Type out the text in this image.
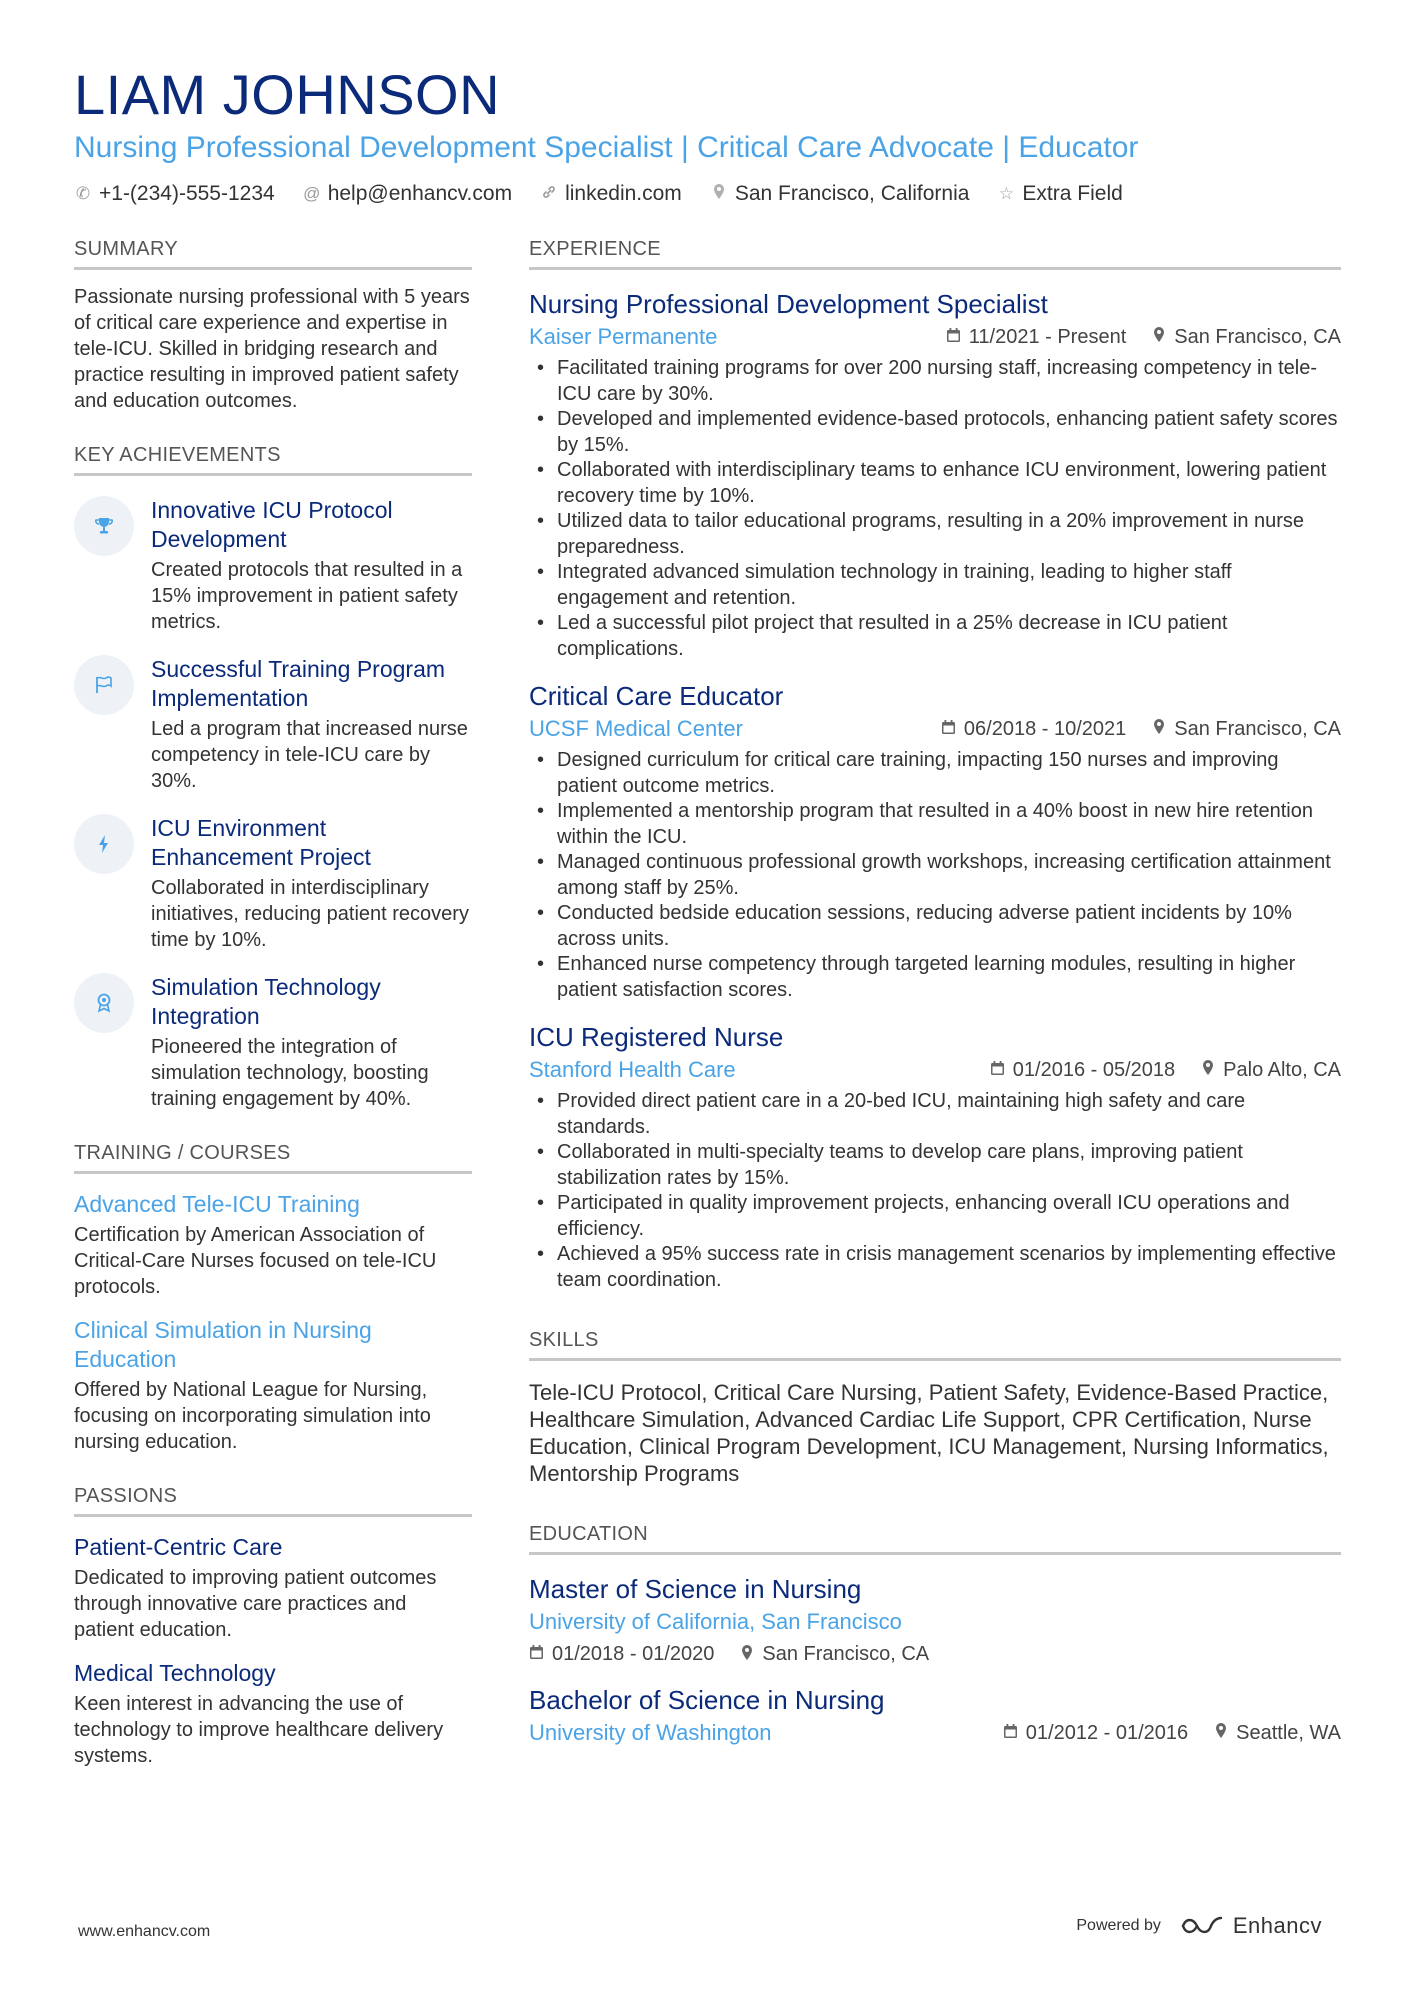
LIAM JOHNSON
Nursing Professional Development Specialist | Critical Care Advocate | Educator
✆ +1-(234)-555-1234 @ help@enhancv.com	linkedin.com	San Francisco, California ☆ Extra Field
SUMMARY
Passionate nursing professional with 5 years of critical care experience and expertise in tele-ICU. Skilled in bridging research and practice resulting in improved patient safety and education outcomes.
KEY ACHIEVEMENTS
Innovative ICU Protocol Development
Created protocols that resulted in a 15% improvement in patient safety metrics.
Successful Training Program Implementation
Led a program that increased nurse competency in tele-ICU care by 30%.
ICU Environment Enhancement Project
Collaborated in interdisciplinary initiatives, reducing patient recovery time by 10%.
Simulation Technology Integration
Pioneered the integration of simulation technology, boosting training engagement by 40%.
TRAINING / COURSES
Advanced Tele-ICU Training
Certification by American Association of Critical-Care Nurses focused on tele-ICU protocols.
Clinical Simulation in Nursing Education
Offered by National League for Nursing, focusing on incorporating simulation into nursing education.
PASSIONS
Patient-Centric Care
Dedicated to improving patient outcomes through innovative care practices and patient education.
Medical Technology
Keen interest in advancing the use of technology to improve healthcare delivery systems.
EXPERIENCE
Nursing Professional Development Specialist
Kaiser Permanente	11/2021 - Present San Francisco, CA
• Facilitated training programs for over 200 nursing staff, increasing competency in tele-ICU care by 30%.
• Developed and implemented evidence-based protocols, enhancing patient safety scores by 15%.
• Collaborated with interdisciplinary teams to enhance ICU environment, lowering patient recovery time by 10%.
• Utilized data to tailor educational programs, resulting in a 20% improvement in nurse preparedness.
• Integrated advanced simulation technology in training, leading to higher staff engagement and retention.
• Led a successful pilot project that resulted in a 25% decrease in ICU patient complications.
Critical Care Educator
UCSF Medical Center	06/2018 - 10/2021 San Francisco, CA
• Designed curriculum for critical care training, impacting 150 nurses and improving patient outcome metrics.
• Implemented a mentorship program that resulted in a 40% boost in new hire retention within the ICU.
• Managed continuous professional growth workshops, increasing certification attainment among staff by 25%.
• Conducted bedside education sessions, reducing adverse patient incidents by 10% across units.
• Enhanced nurse competency through targeted learning modules, resulting in higher patient satisfaction scores.
ICU Registered Nurse
Stanford Health Care	01/2016 - 05/2018 Palo Alto, CA
• Provided direct patient care in a 20-bed ICU, maintaining high safety and care standards.
• Collaborated in multi-specialty teams to develop care plans, improving patient stabilization rates by 15%.
• Participated in quality improvement projects, enhancing overall ICU operations and efficiency.
• Achieved a 95% success rate in crisis management scenarios by implementing effective team coordination.
SKILLS
Tele-ICU Protocol, Critical Care Nursing, Patient Safety, Evidence-Based Practice, Healthcare Simulation, Advanced Cardiac Life Support, CPR Certification, Nurse Education, Clinical Program Development, ICU Management, Nursing Informatics, Mentorship Programs
EDUCATION
Master of Science in Nursing
University of California, San Francisco
01/2018 - 01/2020 San Francisco, CA
Bachelor of Science in Nursing
University of Washington	01/2012 - 01/2016 Seattle, WA
www.enhancv.com	Powered by	Enhancv
